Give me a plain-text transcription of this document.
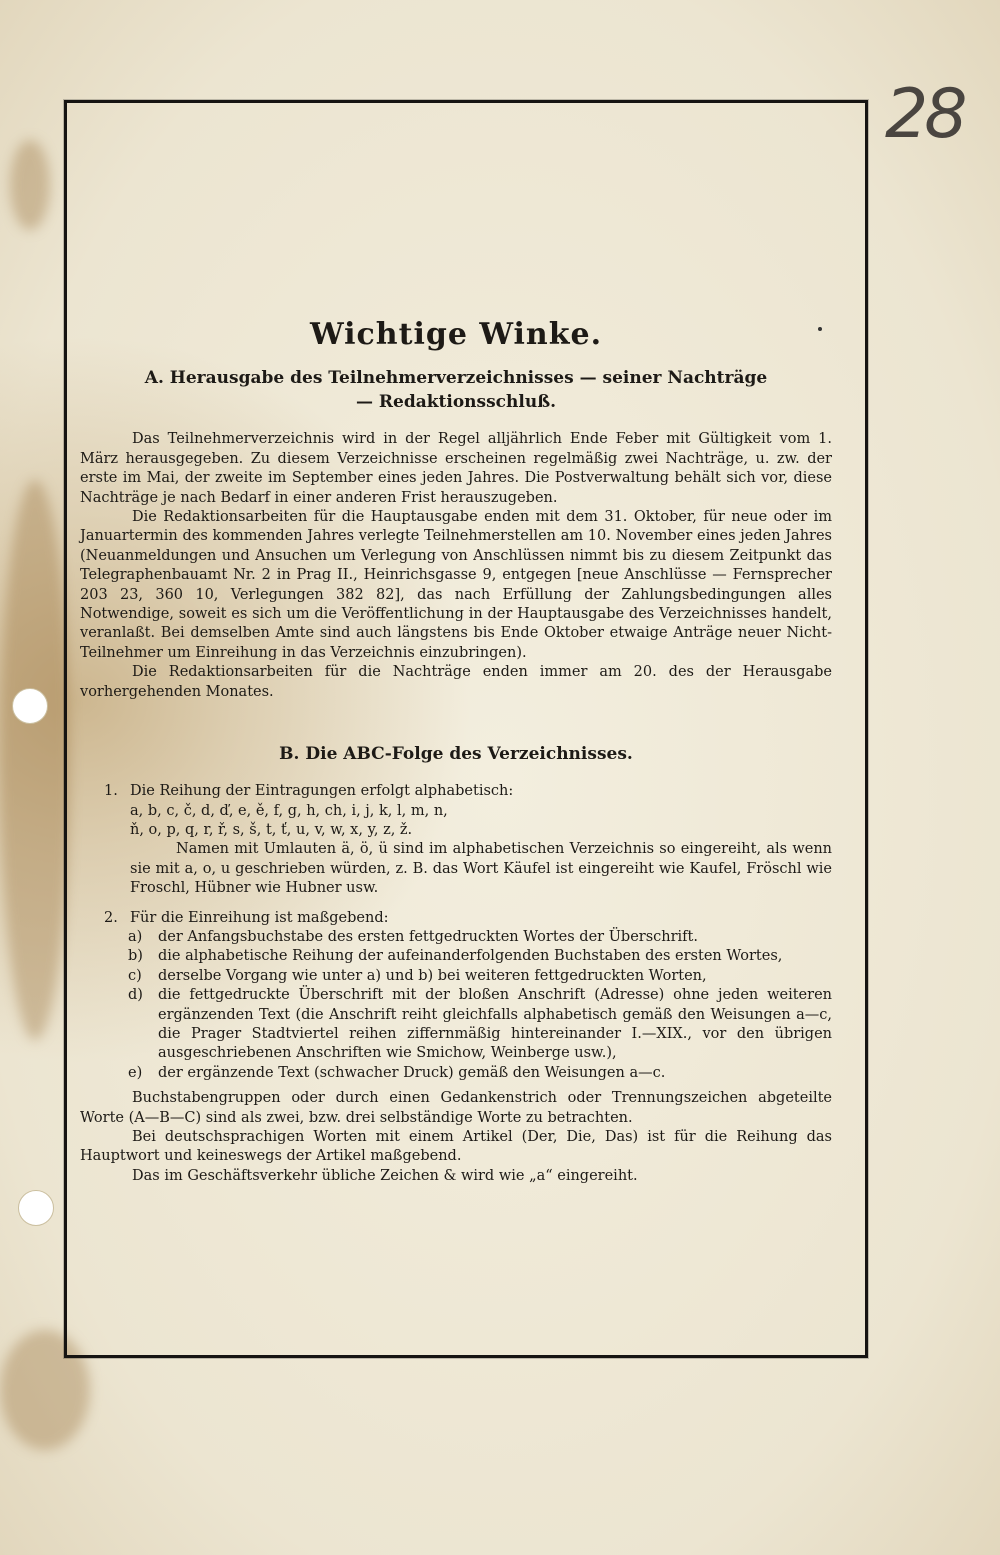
28
Wichtige Winke.
A. Herausgabe des Teilnehmerverzeichnisses — seiner Nachträge — Redaktionsschluß.

Das Teilnehmerverzeichnis wird in der Regel alljährlich Ende Feber mit Gültigkeit vom 1. März herausgegeben. Zu diesem Verzeichnisse erscheinen regelmäßig zwei Nachträge, u. zw. der erste im Mai, der zweite im September eines jeden Jahres. Die Postverwaltung behält sich vor, diese Nachträge je nach Bedarf in einer anderen Frist herauszugeben.

Die Redaktionsarbeiten für die Hauptausgabe enden mit dem 31. Oktober, für neue oder im Januartermin des kommenden Jahres verlegte Teilnehmerstellen am 10. November eines jeden Jahres (Neuanmeldungen und Ansuchen um Verlegung von Anschlüssen nimmt bis zu diesem Zeitpunkt das Telegraphenbauamt Nr. 2 in Prag II., Heinrichsgasse 9, entgegen [neue Anschlüsse — Fernsprecher 203 23, 360 10, Verlegungen 382 82], das nach Erfüllung der Zahlungsbedingungen alles Notwendige, soweit es sich um die Veröffentlichung in der Hauptausgabe des Verzeichnisses handelt, veranlaßt. Bei demselben Amte sind auch längstens bis Ende Oktober etwaige Anträge neuer Nicht-Teilnehmer um Einreihung in das Verzeichnis einzubringen).

Die Redaktionsarbeiten für die Nachträge enden immer am 20. des der Herausgabe vorhergehenden Monates.

B. Die ABC-Folge des Verzeichnisses.
1. Die Reihung der Eintragungen erfolgt alphabetisch:
a, b, c, č, d, ď, e, ě, f, g, h, ch, i, j, k, l, m, n,
ň, o, p, q, r, ř, s, š, t, ť, u, v, w, x, y, z, ž.

Namen mit Umlauten ä, ö, ü sind im alphabetischen Verzeichnis so eingereiht, als wenn sie mit a, o, u geschrieben würden, z. B. das Wort Käufel ist eingereiht wie Kaufel, Fröschl wie Froschl, Hübner wie Hubner usw.

2. Für die Einreihung ist maßgebend:
a)	der Anfangsbuchstabe des ersten fettgedruckten Wortes der Überschrift.
b)	die alphabetische Reihung der aufeinanderfolgenden Buchstaben des ersten Wortes,
c)	derselbe Vorgang wie unter a) und b) bei weiteren fettgedruckten Worten,
d)	die fettgedruckte Überschrift mit der bloßen Anschrift (Adresse) ohne jeden weiteren ergänzenden Text (die Anschrift reiht gleichfalls alphabetisch gemäß den Weisungen a—c, die Prager Stadtviertel reihen ziffernmäßig hintereinander I.—XIX., vor den übrigen ausgeschriebenen Anschriften wie Smichow, Weinberge usw.),
e)	der ergänzende Text (schwacher Druck) gemäß den Weisungen a—c.

Buchstabengruppen oder durch einen Gedankenstrich oder Trennungszeichen abgeteilte Worte (A—B—C) sind als zwei, bzw. drei selbständige Worte zu betrachten.

Bei deutschsprachigen Worten mit einem Artikel (Der, Die, Das) ist für die Reihung das Hauptwort und keineswegs der Artikel maßgebend.

Das im Geschäftsverkehr übliche Zeichen & wird wie „a“ eingereiht.
